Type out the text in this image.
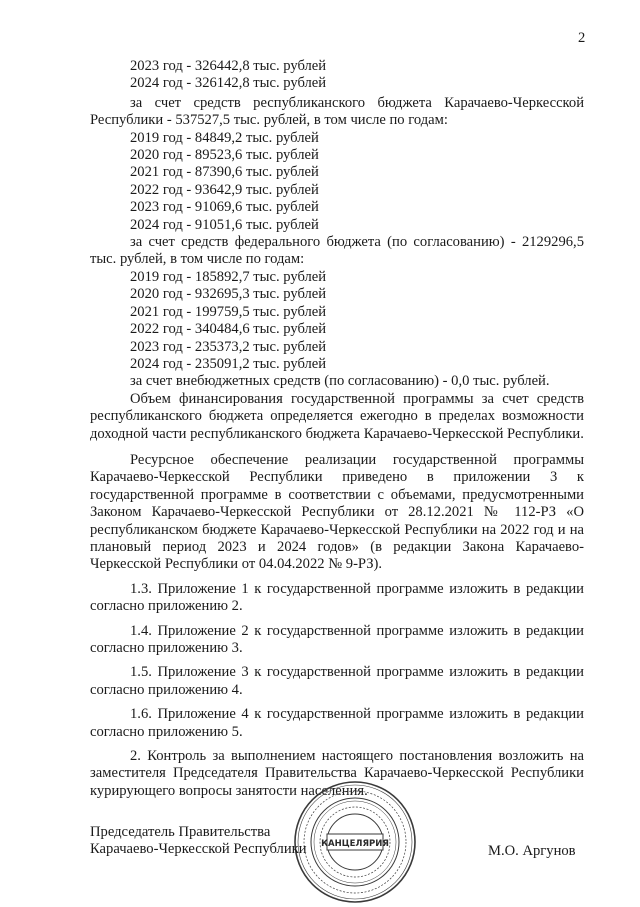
2
2023 год - 326442,8 тыс. рублей
2024 год - 326142,8 тыс. рублей
за счет средств республиканского бюджета Карачаево-Черкесской Республики - 537527,5 тыс. рублей, в том числе по годам:
2019 год - 84849,2 тыс. рублей
2020 год - 89523,6 тыс. рублей
2021 год - 87390,6 тыс. рублей
2022 год - 93642,9 тыс. рублей
2023 год - 91069,6 тыс. рублей
2024 год - 91051,6 тыс. рублей
за счет средств федерального бюджета (по согласованию) - 2129296,5 тыс. рублей, в том числе по годам:
2019 год - 185892,7 тыс. рублей
2020 год - 932695,3 тыс. рублей
2021 год - 199759,5 тыс. рублей
2022 год - 340484,6 тыс. рублей
2023 год - 235373,2 тыс. рублей
2024 год - 235091,2 тыс. рублей
за счет внебюджетных средств (по согласованию) - 0,0 тыс. рублей.
Объем финансирования государственной программы за счет средств республиканского бюджета определяется ежегодно в пределах возможности доходной части республиканского бюджета Карачаево-Черкесской Республики.
Ресурсное обеспечение реализации государственной программы Карачаево-Черкесской Республики приведено в приложении 3 к государственной программе в соответствии с объемами, предусмотренными Законом Карачаево-Черкесской Республики от 28.12.2021 № 112-РЗ «О республиканском бюджете Карачаево-Черкесской Республики на 2022 год и на плановый период 2023 и 2024 годов» (в редакции Закона Карачаево-Черкесской Республики от 04.04.2022 № 9-РЗ).
1.3. Приложение 1 к государственной программе изложить в редакции согласно приложению 2.
1.4. Приложение 2 к государственной программе изложить в редакции согласно приложению 3.
1.5. Приложение 3 к государственной программе изложить в редакции согласно приложению 4.
1.6. Приложение 4 к государственной программе изложить в редакции согласно приложению 5.
2. Контроль за выполнением настоящего постановления возложить на заместителя Председателя Правительства Карачаево-Черкесской Республики курирующего вопросы занятости населения.
КАНЦЕЛЯРИЯ
Председатель Правительства
Карачаево-Черкесской Республики	М.О. Аргунов
